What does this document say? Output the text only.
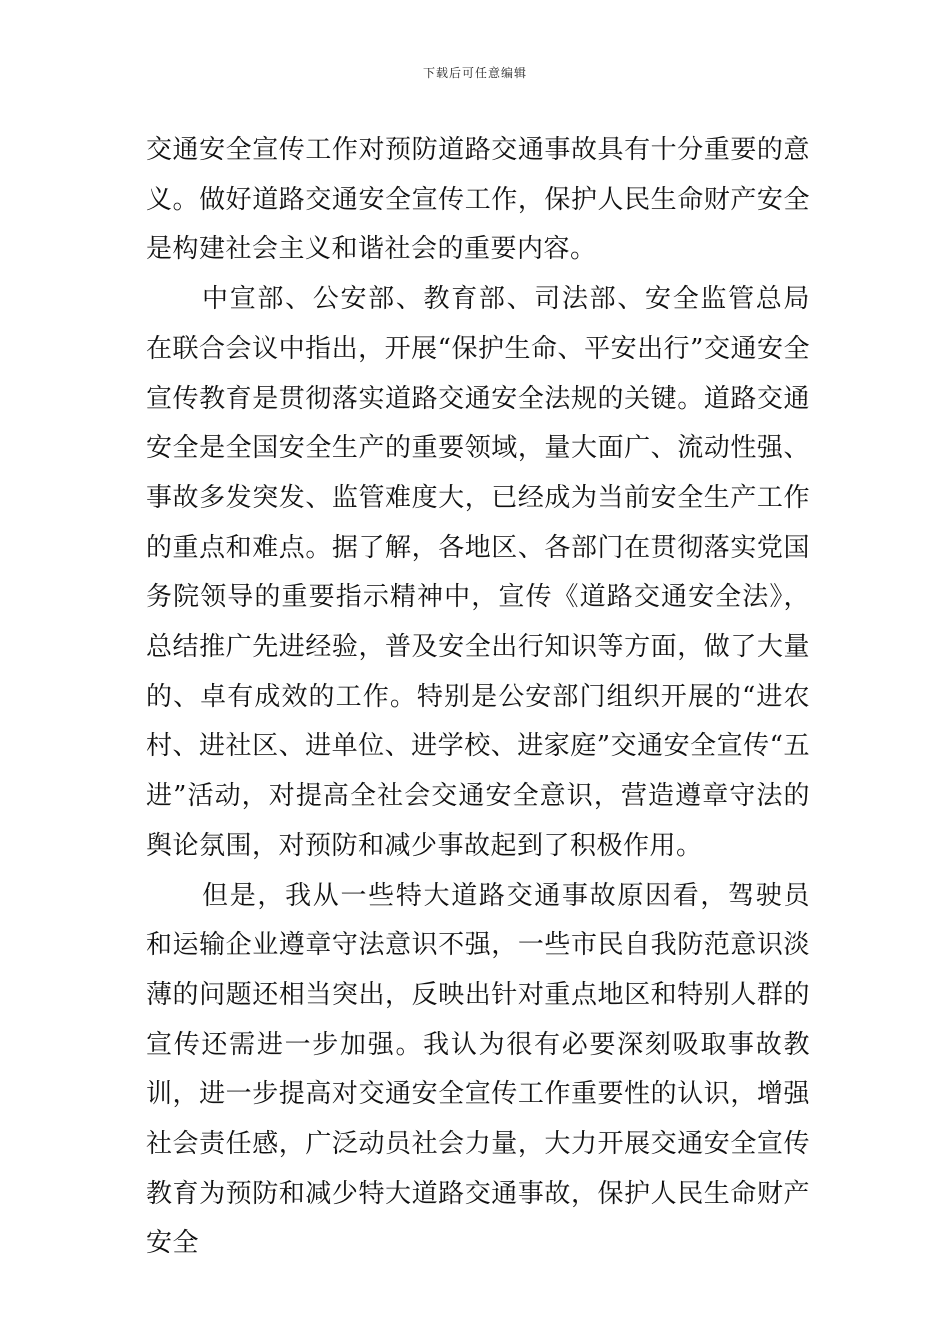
下载后可任意编辑

交通安全宣传工作对预防道路交通事故具有十分重要的意义。做好道路交通安全宣传工作，保护人民生命财产安全是构建社会主义和谐社会的重要内容。

中宣部、公安部、教育部、司法部、安全监管总局在联合会议中指出，开展“保护生命、平安出行”交通安全宣传教育是贯彻落实道路交通安全法规的关键。道路交通安全是全国安全生产的重要领域，量大面广、流动性强、事故多发突发、监管难度大，已经成为当前安全生产工作的重点和难点。据了解，各地区、各部门在贯彻落实党国务院领导的重要指示精神中，宣传《道路交通安全法》，总结推广先进经验，普及安全出行知识等方面，做了大量的、卓有成效的工作。特别是公安部门组织开展的“进农村、进社区、进单位、进学校、进家庭”交通安全宣传“五进”活动，对提高全社会交通安全意识，营造遵章守法的舆论氛围，对预防和减少事故起到了积极作用。

但是，我从一些特大道路交通事故原因看，驾驶员和运输企业遵章守法意识不强，一些市民自我防范意识淡薄的问题还相当突出，反映出针对重点地区和特别人群的宣传还需进一步加强。我认为很有必要深刻吸取事故教训，进一步提高对交通安全宣传工作重要性的认识，增强社会责任感，广泛动员社会力量，大力开展交通安全宣传教育为预防和减少特大道路交通事故，保护人民生命财产安全
